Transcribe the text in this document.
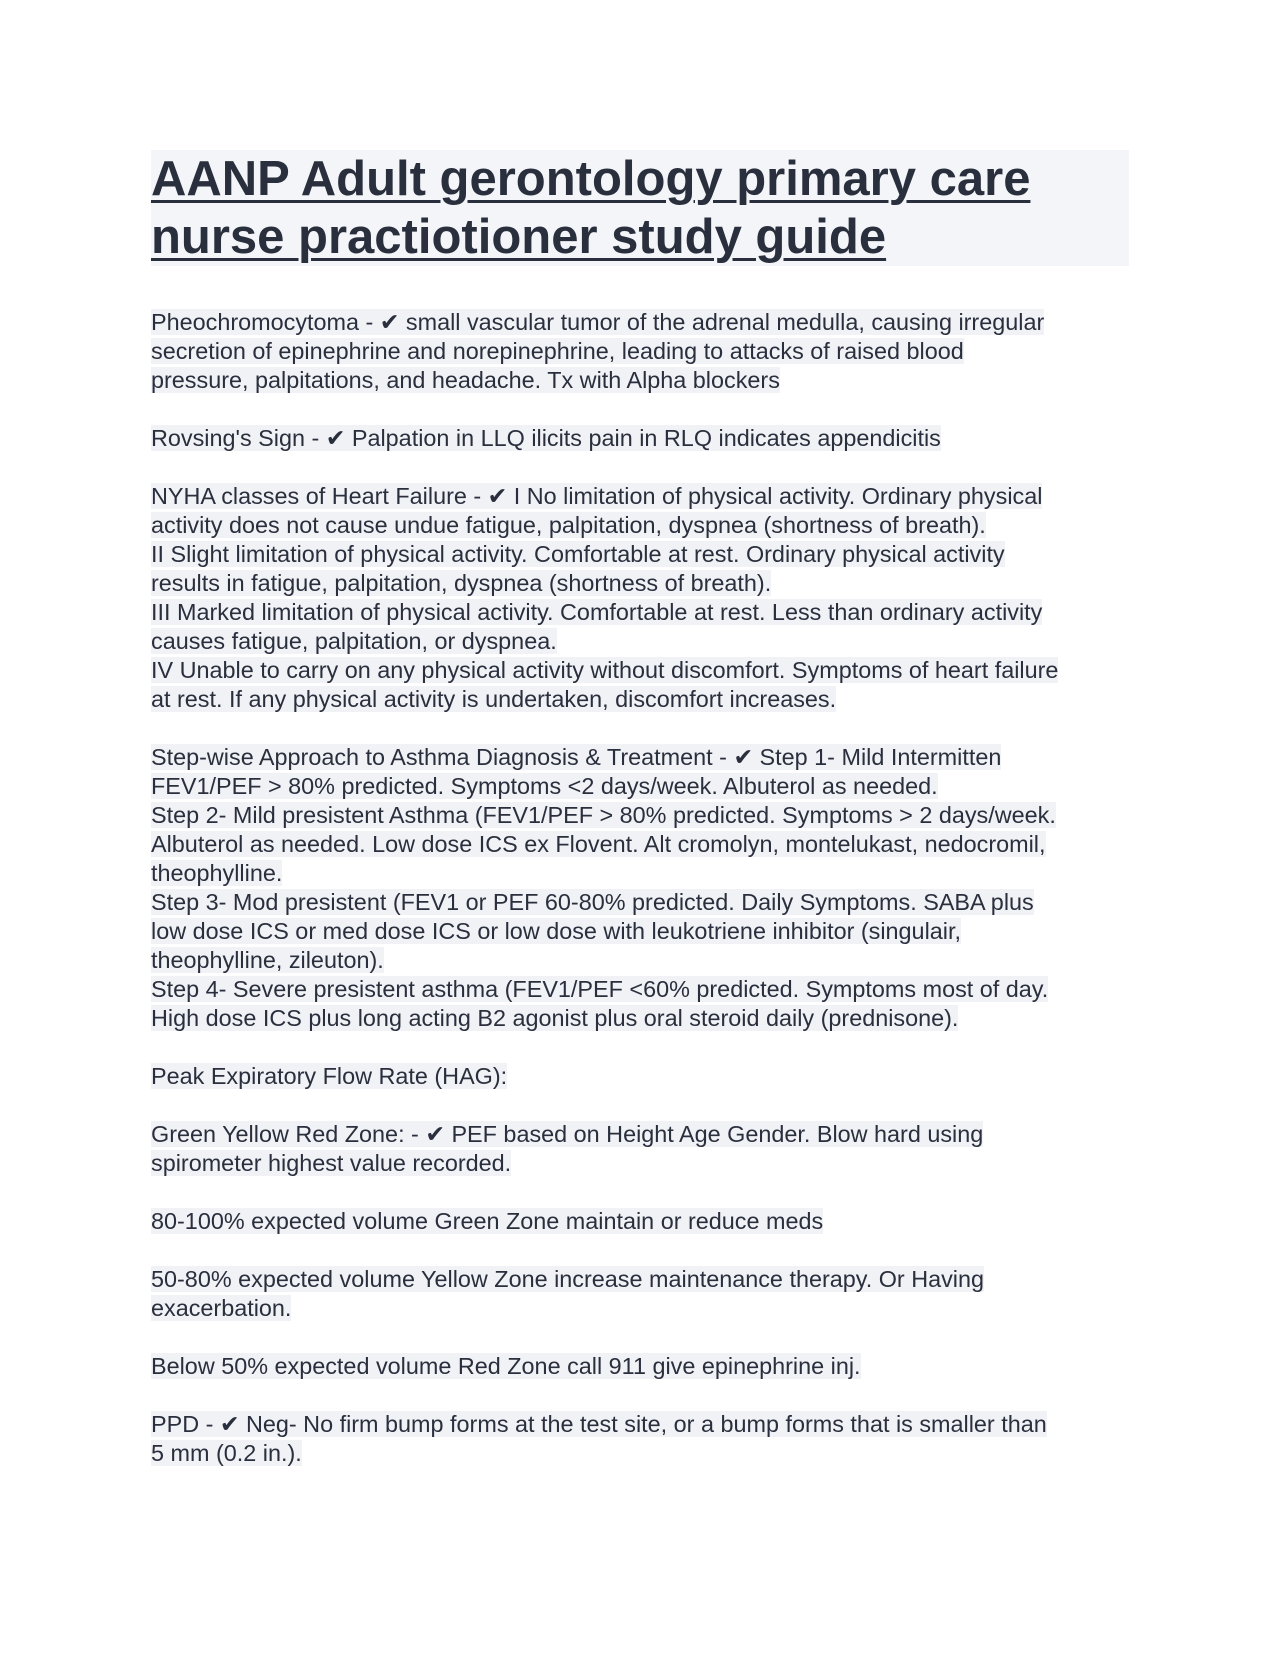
AANP Adult gerontology primary care
nurse practiotioner study guide
Pheochromocytoma - ✔ small vascular tumor of the adrenal medulla, causing irregular
secretion of epinephrine and norepinephrine, leading to attacks of raised blood
pressure, palpitations, and headache. Tx with Alpha blockers
Rovsing's Sign - ✔ Palpation in LLQ ilicits pain in RLQ indicates appendicitis
NYHA classes of Heart Failure - ✔ I No limitation of physical activity. Ordinary physical
activity does not cause undue fatigue, palpitation, dyspnea (shortness of breath).
II Slight limitation of physical activity. Comfortable at rest. Ordinary physical activity
results in fatigue, palpitation, dyspnea (shortness of breath).
III Marked limitation of physical activity. Comfortable at rest. Less than ordinary activity
causes fatigue, palpitation, or dyspnea.
IV Unable to carry on any physical activity without discomfort. Symptoms of heart failure
at rest. If any physical activity is undertaken, discomfort increases.
Step-wise Approach to Asthma Diagnosis & Treatment - ✔ Step 1- Mild Intermitten
FEV1/PEF > 80% predicted. Symptoms <2 days/week. Albuterol as needed.
Step 2- Mild presistent Asthma (FEV1/PEF > 80% predicted. Symptoms > 2 days/week.
Albuterol as needed. Low dose ICS ex Flovent. Alt cromolyn, montelukast, nedocromil,
theophylline.
Step 3- Mod presistent (FEV1 or PEF 60-80% predicted. Daily Symptoms. SABA plus
low dose ICS or med dose ICS or low dose with leukotriene inhibitor (singulair,
theophylline, zileuton).
Step 4- Severe presistent asthma (FEV1/PEF <60% predicted. Symptoms most of day.
High dose ICS plus long acting B2 agonist plus oral steroid daily (prednisone).
Peak Expiratory Flow Rate (HAG):
Green Yellow Red Zone: - ✔ PEF based on Height Age Gender. Blow hard using
spirometer highest value recorded.
80-100% expected volume Green Zone maintain or reduce meds
50-80% expected volume Yellow Zone increase maintenance therapy. Or Having
exacerbation.
Below 50% expected volume Red Zone call 911 give epinephrine inj.
PPD - ✔ Neg- No firm bump forms at the test site, or a bump forms that is smaller than
5 mm (0.2 in.).
